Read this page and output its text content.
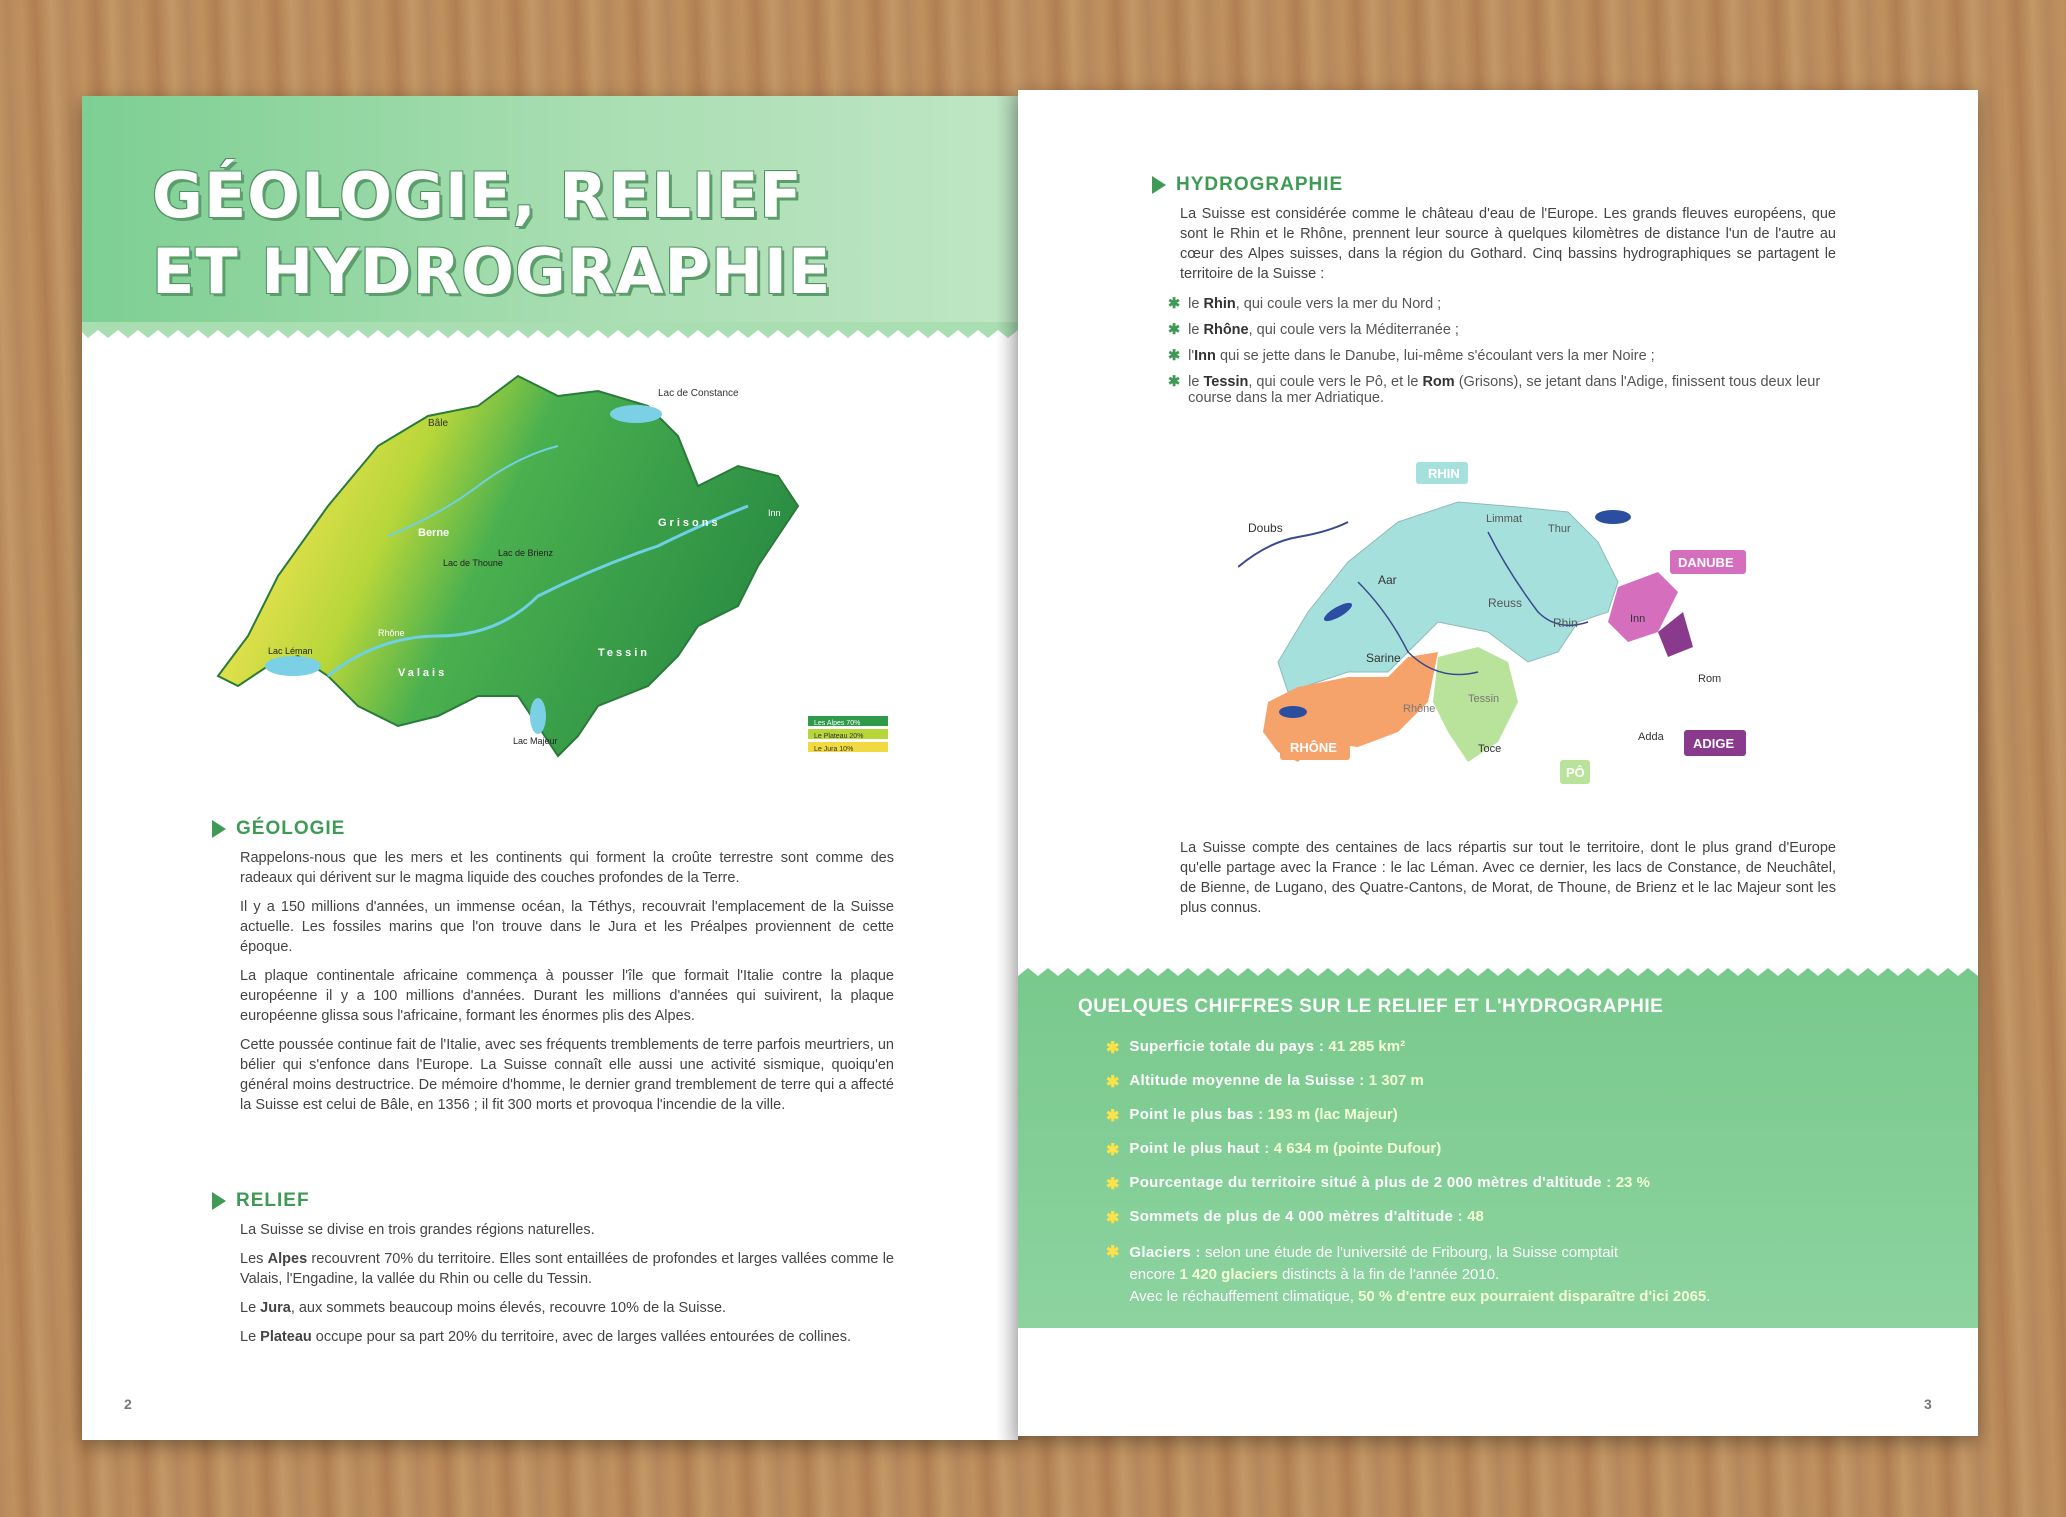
GÉOLOGIE, RELIEF
ET HYDROGRAPHIE
Lac de Constance
Bâle
Berne
Lac de Thoune
Lac de Brienz
Lac Léman
Grisons
Tessin
Valais
Lac Majeur
Inn
Rhône
Les Alpes 70%
Le Plateau 20%
Le Jura 10%
GÉOLOGIE

Rappelons-nous que les mers et les continents qui forment la croûte terrestre sont comme des radeaux qui dérivent sur le magma liquide des couches profondes de la Terre.

Il y a 150 millions d'années, un immense océan, la Téthys, recouvrait l'emplacement de la Suisse actuelle. Les fossiles marins que l'on trouve dans le Jura et les Préalpes proviennent de cette époque.

La plaque continentale africaine commença à pousser l'île que formait l'Italie contre la plaque européenne il y a 100 millions d'années. Durant les millions d'années qui suivirent, la plaque européenne glissa sous l'africaine, formant les énormes plis des Alpes.

Cette poussée continue fait de l'Italie, avec ses fréquents tremblements de terre parfois meurtriers, un bélier qui s'enfonce dans l'Europe. La Suisse connaît elle aussi une activité sismique, quoiqu'en général moins destructrice. De mémoire d'homme, le dernier grand tremblement de terre qui a affecté la Suisse est celui de Bâle, en 1356 ; il fit 300 morts et provoqua l'incendie de la ville.

RELIEF

La Suisse se divise en trois grandes régions naturelles.

Les Alpes recouvrent 70% du territoire. Elles sont entaillées de profondes et larges vallées comme le Valais, l'Engadine, la vallée du Rhin ou celle du Tessin.

Le Jura, aux sommets beaucoup moins élevés, recouvre 10% de la Suisse.

Le Plateau occupe pour sa part 20% du territoire, avec de larges vallées entourées de collines.

2
HYDROGRAPHIE
La Suisse est considérée comme le château d'eau de l'Europe. Les grands fleuves européens, que sont le Rhin et le Rhône, prennent leur source à quelques kilomètres de distance l'un de l'autre au cœur des Alpes suisses, dans la région du Gothard. Cinq bassins hydrographiques se partagent le territoire de la Suisse :
✱ le Rhin, qui coule vers la mer du Nord ;
✱ le Rhône, qui coule vers la Méditerranée ;
✱ l'Inn qui se jette dans le Danube, lui-même s'écoulant vers la mer Noire ;
✱ le Tessin, qui coule vers le Pô, et le Rom (Grisons), se jetant dans l'Adige, finissent tous deux leur course dans la mer Adriatique.
Doubs
Limmat
Thur
Aar
Reuss
Rhin	Inn
Rom
Sarine
Rhône
Tessin
Toce
Adda
RHIN
DANUBE
RHÔNE	ADIGE
PÔ
La Suisse compte des centaines de lacs répartis sur tout le territoire, dont le plus grand d'Europe qu'elle partage avec la France : le lac Léman. Avec ce dernier, les lacs de Constance, de Neuchâtel, de Bienne, de Lugano, des Quatre-Cantons, de Morat, de Thoune, de Brienz et le lac Majeur sont les plus connus.
QUELQUES CHIFFRES SUR LE RELIEF ET L'HYDROGRAPHIE
✱ Superficie totale du pays : 41 285 km²
✱ Altitude moyenne de la Suisse : 1 307 m
✱ Point le plus bas : 193 m (lac Majeur)
✱ Point le plus haut : 4 634 m (pointe Dufour)
✱ Pourcentage du territoire situé à plus de 2 000 mètres d'altitude : 23 %
✱ Sommets de plus de 4 000 mètres d'altitude : 48
✱ Glaciers : selon une étude de l'université de Fribourg, la Suisse comptait
encore 1 420 glaciers distincts à la fin de l'année 2010.
Avec le réchauffement climatique, 50 % d'entre eux pourraient disparaître d'ici 2065.
3
